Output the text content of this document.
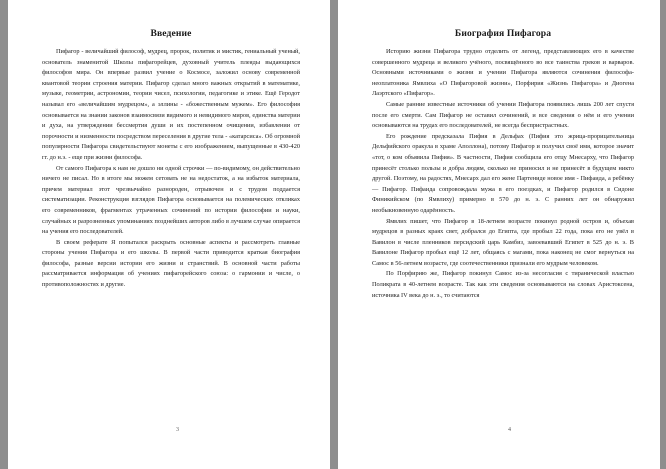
Введение

Пифагор - величайший философ, мудрец, пророк, политик и мистик, гениальный ученый, основатель знаменитой Школы пифагорейцев, духовный учитель плеяды выдающихся философов мира. Он впервые развил учение о Космосе, заложил основу современной квантовой теории строения материи. Пифагор сделал много важных открытий в математике, музыке, геометрии, астрономии, теории чисел, психологии, педагогике и этике. Ещё Геродот называл его «величайшим мудрецом», а эллины - «божественным мужем». Его философия основывается на знании законов взаимосвязи видимого и невидимого миров, единства материи и духа, на утверждении бессмертия души и их постепенном очищении, избавлении от порочности и низменности посредством переселения в другие тела - «катарсиса». Об огромной популярности Пифагора свидетельствуют монеты с его изображением, выпущенные в 430-420 гг. до н.э. - еще при жизни философа.

От самого Пифагора к нам не дошло ни одной строчки — по-видимому, он действительно ничего не писал. Но в итоге мы можем сетовать не на недостаток, а на избыток материала, причем материал этот чрезвычайно разнороден, отрывочен и с трудом поддается систематизации. Реконструкция взглядов Пифагора основывается на полемических откликах его современников, фрагментах утраченных сочинений по истории философии и науки, случайных и разрозненных упоминаниях позднейших авторов либо в лучшем случае опирается на учения его последователей.

В своем реферате Я попытался раскрыть основные аспекты и рассмотреть главные стороны учения Пифагора и его школы. В первой части приводится краткая биография философа, разные версии истории его жизни и странствий. В основной части работы рассматривается информация об учениях пифагорейского союза: о гармонии и числе, о противоположностях и другие.

3
Биография Пифагора

Историю жизни Пифагора трудно отделить от легенд, представляющих его в качестве совершенного мудреца и великого учёного, посвящённого во все таинства греков и варваров. Основными источниками о жизни и учении Пифагора являются сочинения философа-неоплатоника Ямвлиха «О Пифагоровой жизни», Порфирия «Жизнь Пифагора» и Диогена Лаэртского «Пифагор».

Самые ранние известные источники об учении Пифагора появились лишь 200 лет спустя после его смерти. Сам Пифагор не оставил сочинений, и все сведения о нём и его учении основываются на трудах его последователей, не всегда беспристрастных.

Его рождение предсказала Пифия в Дельфах (Пифия это жрица-прорицательница Дельфийского оракула в храме Аполлона), потому Пифагор и получил своё имя, которое значит «тот, о ком объявила Пифия». В частности, Пифия сообщила его отцу Мнесарху, что Пифагор принесёт столько пользы и добра людям, сколько не приносил и не принесёт в будущем никто другой. Поэтому, на радостях, Мнесарх дал его жене Партениде новое имя - Пифаида, а ребёнку — Пифагор. Пифаида сопровождала мужа в его поездках, и Пифагор родился в Сидоне Финикийском (по Ямвлиху) примерно в 570 до н. э. С ранних лет он обнаружил необыкновенную одарённость.

Ямвлих пишет, что Пифагор в 18-летнем возрасте покинул родной остров и, объехав мудрецов в разных краях свет, добрался до Египта, где пробыл 22 года, пока его не увёл в Вавилон в числе пленников персидский царь Камбиз, завоевавший Египет в 525 до н. э. В Вавилоне Пифагор пробыл ещё 12 лет, общаясь с магами, пока наконец не смог вернуться на Самос в 56-летнем возрасте, где соотечественники признали его мудрым человеком.

По Порфирию же, Пифагор покинул Самос из-за несогласия с тиранической властью Поликрата в 40-летнем возрасте. Так как эти сведения основываются на словах Аристоксена, источника IV века до н. э., то считаются

4
